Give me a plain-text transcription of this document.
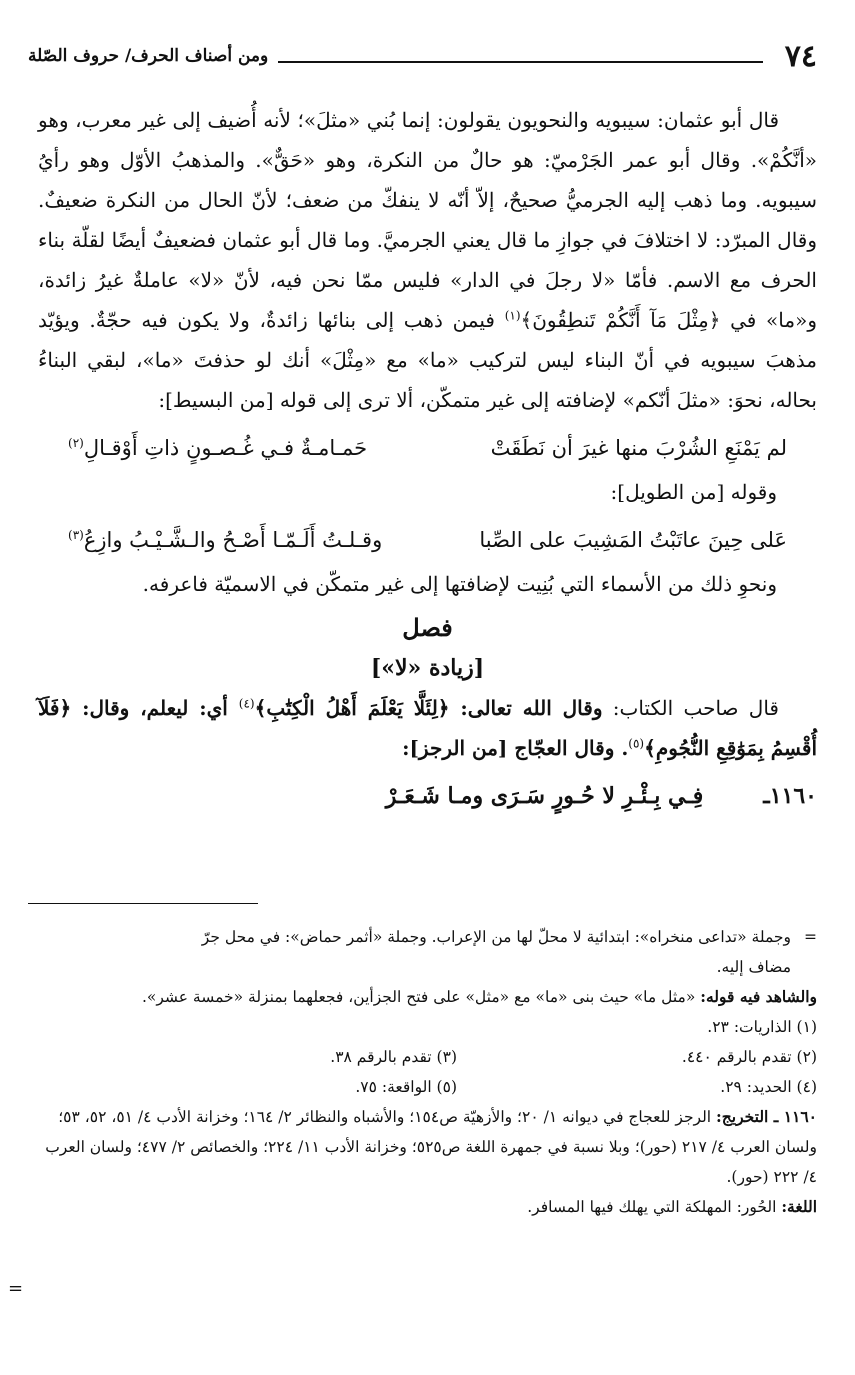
٧٤
ومن أصناف الحرف/ حروف الصّلة

قال أبو عثمان: سيبويه والنحويون يقولون: إنما بُني «مثلَ»؛ لأنه أُضيف إلى غير معرب، وهو «أنَّكُمْ». وقال أبو عمر الجَرْميّ: هو حالٌ من النكرة، وهو «حَقٌّ». والمذهبُ الأوّل وهو رأيُ سيبويه. وما ذهب إليه الجرميُّ صحيحٌ، إلاّ أنّه لا ينفكّ من ضعف؛ لأنّ الحال من النكرة ضعيفٌ. وقال المبرّد: لا اختلافَ في جوازِ ما قال يعني الجرميَّ. وما قال أبو عثمان فضعيفٌ أيضًا لقلّة بناء الحرف مع الاسم. فأمّا «لا رجلَ في الدار» فليس ممّا نحن فيه، لأنّ «لا» عاملةٌ غيرُ زائدة، و«ما» في ﴿مِثْلَ مَآ أَنَّكُمْ تَنطِقُونَ﴾$^{(١)}$ فيمن ذهب إلى بنائها زائدةٌ، ولا يكون فيه حجّةٌ. ويؤيّد مذهبَ سيبويه في أنّ البناء ليس لتركيب «ما» مع «مِثْلَ» أنك لو حذفتَ «ما»، لبقي البناءُ بحاله، نحوَ: «مثلَ أنّكم» لإضافته إلى غير متمكّن، ألا ترى إلى قوله [من البسيط]:

لم يَمْنَعِ الشُرْبَ منها غيرَ أن نَطَقَتْ
حَمـامـةٌ فـي غُـصـونٍ ذاتِ أَوْقـالِ$^{(٢)}$

وقوله [من الطويل]:

عَلى حِينَ عاتَبْتُ المَشِيبَ على الصِّبا
وقـلـتُ أَلَـمّـا أَصْـحُ والـشَّـيْـبُ وازِعُ$^{(٣)}$

ونحوِ ذلك من الأسماء التي بُنِيت لإضافتها إلى غير متمكّن في الاسميّة فاعرفه.

فصل
[زيادة «لا»]

قال صاحب الكتاب: وقال الله تعالى: ﴿لِئَلَّا يَعْلَمَ أَهْلُ الْكِتَٰبِ﴾$^{(٤)}$ أي: ليعلم، وقال: ﴿فَلَآ أُقْسِمُ بِمَوَٰقِعِ النُّجُومِ﴾$^{(٥)}$. وقال العجّاج [من الرجز]:

١١٦٠ـ
فِـي بِـئْـرِ لا حُـورٍ سَـرَى ومـا شَـعَـرْ

=وجملة «تداعى منخراه»: ابتدائية لا محلّ لها من الإعراب. وجملة «أثمر حماض»: في محل جرّ

مضاف إليه.

والشاهد فيه قوله: «مثل ما» حيث بنى «ما» مع «مثل» على فتح الجزأين، فجعلهما بمنزلة «خمسة عشر».

(١) الذاريات: ٢٣.

(٢) تقدم بالرقم ٤٤٠.
(٣) تقدم بالرقم ٣٨.

(٤) الحديد: ٢٩.
(٥) الواقعة: ٧٥.

١١٦٠ ـ التخريج: الرجز للعجاج في ديوانه ١/ ٢٠؛ والأزهيّة ص١٥٤؛ والأشباه والنظائر ٢/ ١٦٤؛ وخزانة الأدب ٤/ ٥١، ٥٢، ٥٣؛ ولسان العرب ٤/ ٢١٧ (حور)؛ وبلا نسبة في جمهرة اللغة ص٥٢٥؛ وخزانة الأدب ١١/ ٢٢٤؛ والخصائص ٢/ ٤٧٧؛ ولسان العرب ٤/ ٢٢٢ (حور).

اللغة: الحُور: المهلكة التي يهلك فيها المسافر.

=
